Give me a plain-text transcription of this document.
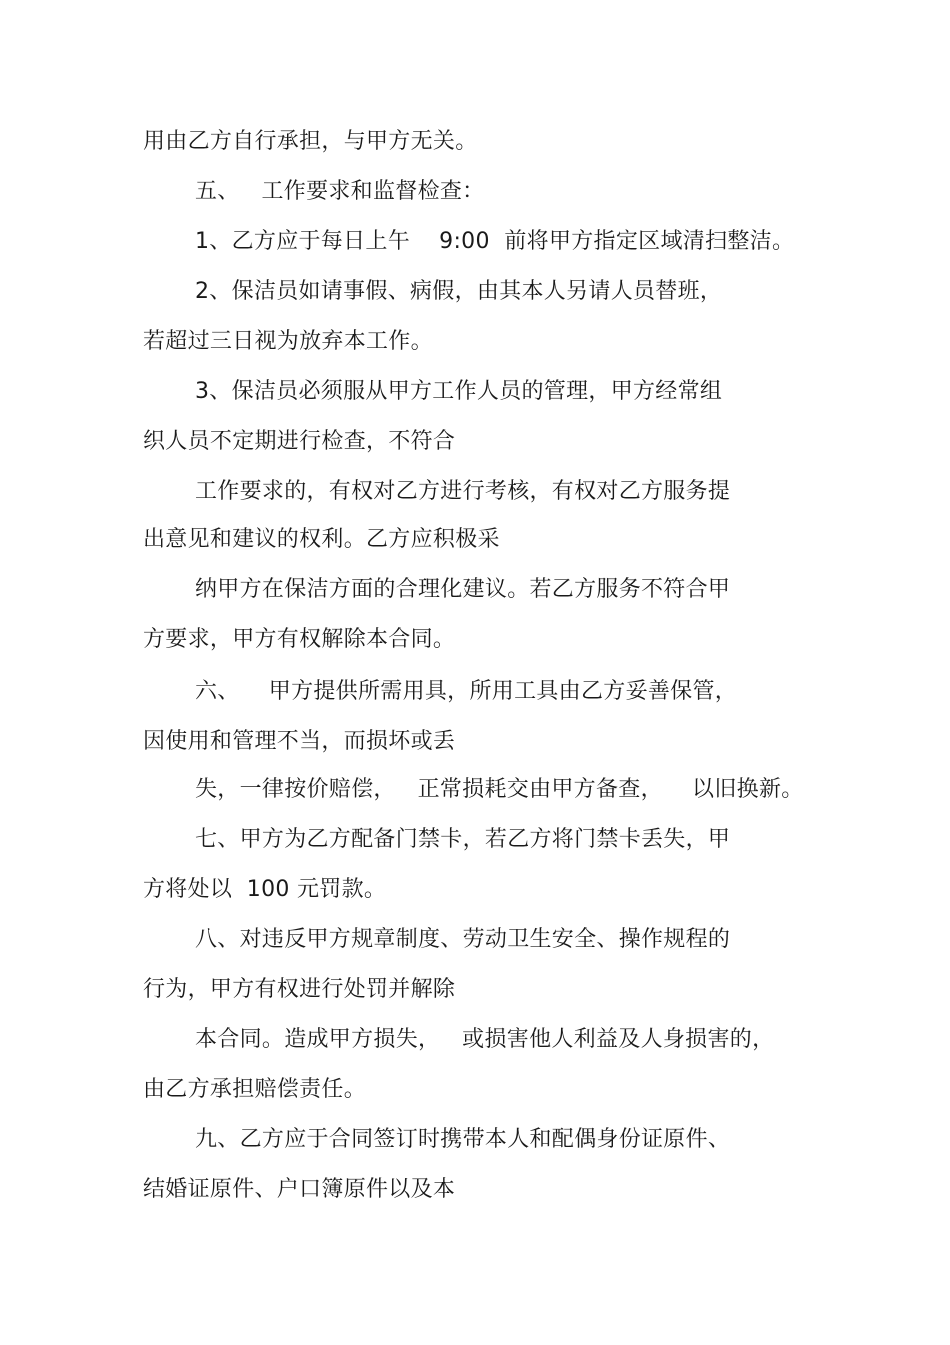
用由乙方自行承担，与甲方无关。
五、   工作要求和监督检查：
1、乙方应于每日上午    9:00  前将甲方指定区域清扫整洁。
2、保洁员如请事假、病假，由其本人另请人员替班，
若超过三日视为放弃本工作。
3、保洁员必须服从甲方工作人员的管理，甲方经常组
织人员不定期进行检查，不符合
工作要求的，有权对乙方进行考核，有权对乙方服务提
出意见和建议的权利。乙方应积极采
纳甲方在保洁方面的合理化建议。若乙方服务不符合甲
方要求，甲方有权解除本合同。
六、    甲方提供所需用具，所用工具由乙方妥善保管，
因使用和管理不当，而损坏或丢
失，一律按价赔偿，   正常损耗交由甲方备查，    以旧换新。
七、甲方为乙方配备门禁卡，若乙方将门禁卡丢失，甲
方将处以  100 元罚款。
八、对违反甲方规章制度、劳动卫生安全、操作规程的
行为，甲方有权进行处罚并解除
本合同。造成甲方损失，   或损害他人利益及人身损害的，
由乙方承担赔偿责任。
九、乙方应于合同签订时携带本人和配偶身份证原件、
结婚证原件、户口簿原件以及本
